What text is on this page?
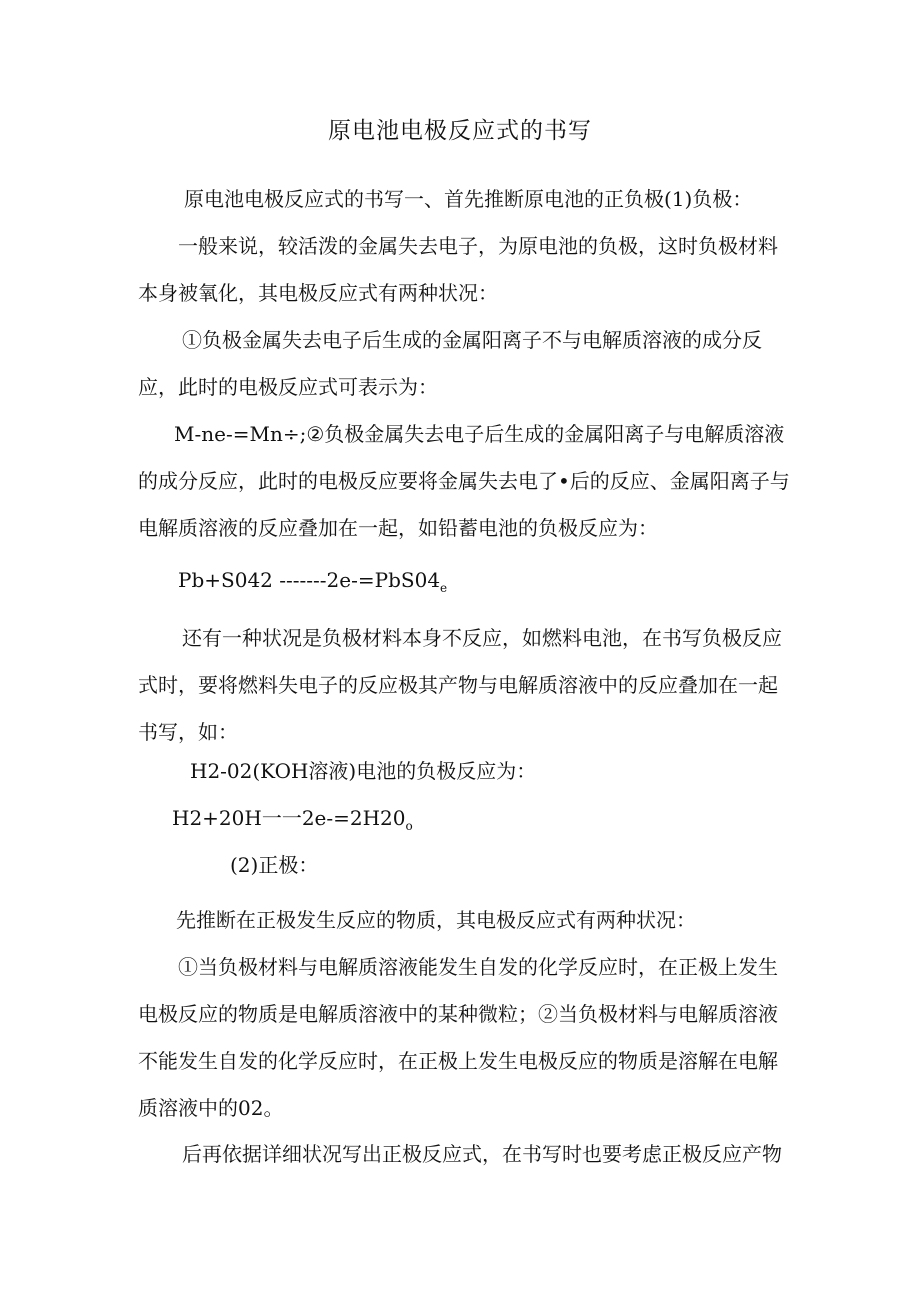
原电池电极反应式的书写

原电池电极反应式的书写一、首先推断原电池的正负极(1)负极：

一般来说，较活泼的金属失去电子，为原电池的负极，这时负极材料本身被氧化，其电极反应式有两种状况：

①负极金属失去电子后生成的金属阳离子不与电解质溶液的成分反应，此时的电极反应式可表示为：

M-ne-=Mn÷;②负极金属失去电子后生成的金属阳离子与电解质溶液的成分反应，此时的电极反应要将金属失去电了•后的反应、金属阳离子与电解质溶液的反应叠加在一起，如铅蓄电池的负极反应为：

Pb+S042 $-------2e-=PbS04_e$

还有一种状况是负极材料本身不反应，如燃料电池，在书写负极反应式时，要将燃料失电子的反应极其产物与电解质溶液中的反应叠加在一起书写，如：

H2-02(KOH溶液)电池的负极反应为：
H2+20H一一$2e-=2H20_o$
(2)正极：

先推断在正极发生反应的物质，其电极反应式有两种状况：

①当负极材料与电解质溶液能发生自发的化学反应时，在正极上发生电极反应的物质是电解质溶液中的某种微粒；②当负极材料与电解质溶液不能发生自发的化学反应时，在正极上发生电极反应的物质是溶解在电解质溶液中的02。

后再依据详细状况写出正极反应式，在书写时也要考虑正极反应产物
